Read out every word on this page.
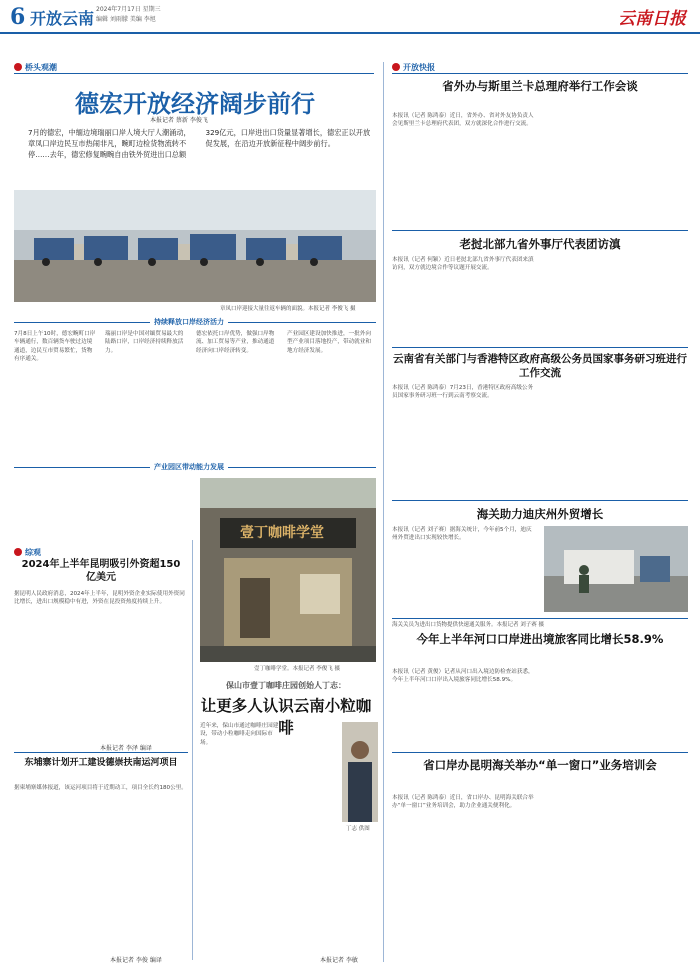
6 开放云南 2024年7月17日 星期三
编辑 刘雨朦 美编 李旭	云南日报
桥头观潮
德宏开放经济阔步前行
本报记者 蔡新 李俊飞
7月的德宏，中缅边境瑞丽口岸人境大厅人潮涌动，章凤口岸边民互市热闹非凡，畹町边检货物流转不停……去年，德宏修复畹畹自由铁外贸进出口总额329亿元，口岸进出口货量显著增长，德宏正以开放促发展，在沿边开放新征程中阔步前行。
章凤口岸迎接大量往返车辆的面貌。本报记者 李俊飞 摄
持续释放口岸经济活力
7月8日上午10时，德宏畹町口岸车辆通行，数百辆货车驶过边境通道，边民互市贸易繁忙，货物有序通关。
瑞丽口岸是中国对缅贸易最大的陆路口岸，口岸经济持续释放活力。
德宏依托口岸优势，做强口岸物流、加工贸易等产业，推动通道经济向口岸经济转变。
产业园区建设加快推进，一批外向型产业项目落地投产，带动就业和地方经济发展。
产业园区带动能力发展
壹丁咖啡学堂
壹丁咖啡学堂。本报记者 李俊飞 摄
综观
2024年上半年昆明吸引外资超150亿美元
据昆明人民政府消息，2024年上半年，昆明外资企业实际使用外资同比增长，进出口规模稳中有进，外资在昆投资热度持续上升。
本报记者 李泽 编译
东埔寨计划开工建设德崇扶南运河项目
据柬埔寨媒体报道，该运河项目将于近期动工，项目全长约180公里。
本报记者 李俊 编译
保山市壹丁咖啡庄园创始人丁志：
让更多人认识云南小粒咖啡
近年来，保山市通过咖啡庄园建设，带动小粒咖啡走向国际市场。
丁志 供图
本报记者 李敏
开放快报
省外办与斯里兰卡总理府举行工作会谈
本报讯（记者 陈鸿泰）近日，省外办、省对外友协负责人会见斯里兰卡总理府代表团，双方就深化合作进行交流。
老挝北部九省外事厅代表团访滇
本报讯（记者 何颖）近日老挝北部九省外事厅代表团来滇访问，双方就边境合作等议题开展交流。
云南省有关部门与香港特区政府高级公务员国家事务研习班进行工作交流
本报讯（记者 陈鸿泰）7月23日，香港特区政府高级公务员国家事务研习班一行到云南考察交流。
海关助力迪庆州外贸增长
本报讯（记者 刘子赛）据海关统计，今年前5个月，迪庆州外贸进出口实现较快增长。
海关关员为进出口货物提供快速通关服务。本报记者 刘子赛 摄
今年上半年河口口岸进出境旅客同比增长58.9%
本报讯（记者 黄俊）记者从河口出入境边防检查站获悉，今年上半年河口口岸出入境旅客同比增长58.9%。
省口岸办昆明海关举办“单一窗口”业务培训会
本报讯（记者 陈鸿泰）近日，省口岸办、昆明海关联合举办“单一窗口”业务培训会，助力企业通关便利化。
